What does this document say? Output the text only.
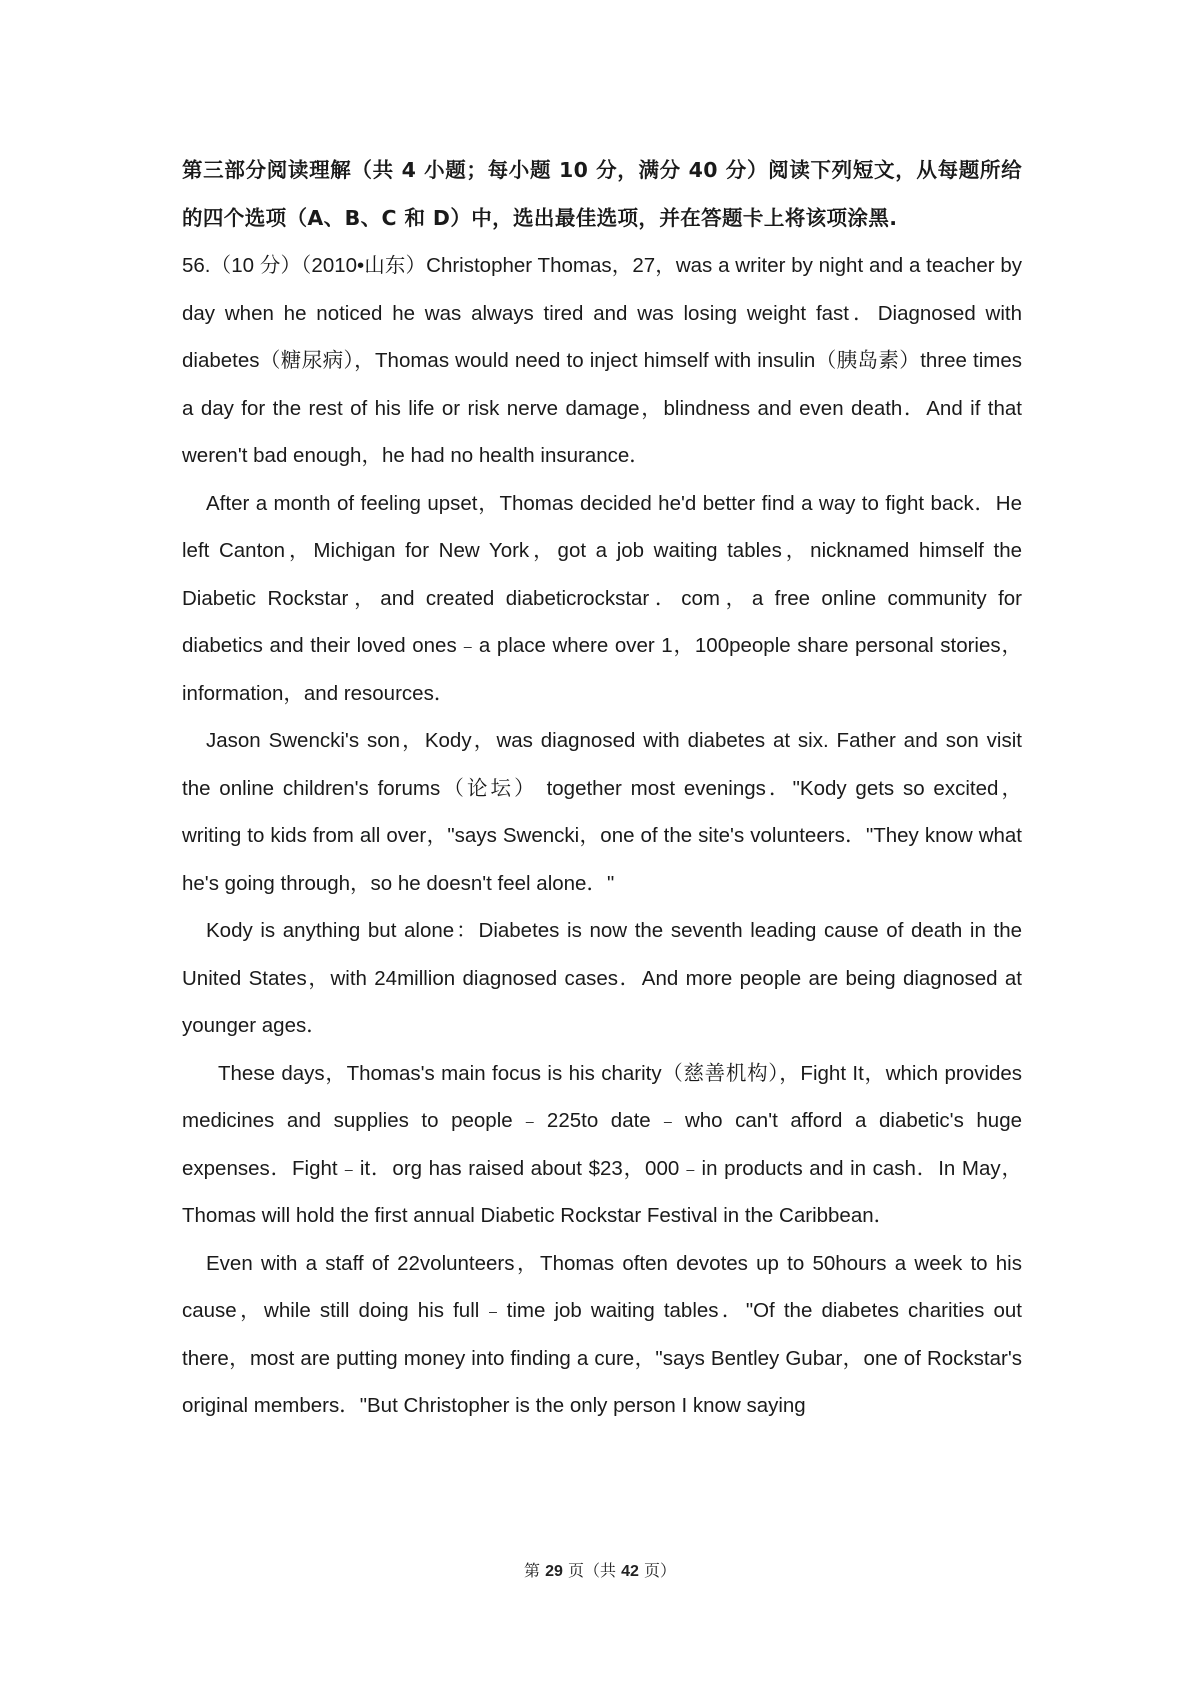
第三部分阅读理解（共 4 小题；每小题 10 分，满分 40 分）阅读下列短文，从每题所给的四个选项（A、B、C 和 D）中，选出最佳选项，并在答题卡上将该项涂黑.

56.（10 分）（2010•山东）Christopher Thomas，27，was a writer by night and a teacher by day when he noticed he was always tired and was losing weight fast．Diagnosed with diabetes（糖尿病），Thomas would need to inject himself with insulin（胰岛素）three times a day for the rest of his life or risk nerve damage，blindness and even death．And if that weren't bad enough，he had no health insurance．

After a month of feeling upset，Thomas decided he'd better find a way to fight back．He left Canton，Michigan for New York，got a job waiting tables，nicknamed himself the Diabetic Rockstar，and created diabeticrockstar．com，a free online community for diabetics and their loved ones﹣a place where over 1，100people share personal stories，information，and resources．

Jason Swencki's son，Kody，was diagnosed with diabetes at six. Father and son visit the online children's forums（论坛） together most evenings．"Kody gets so excited，writing to kids from all over，"says Swencki，one of the site's volunteers．"They know what he's going through，so he doesn't feel alone．"

Kody is anything but alone：Diabetes is now the seventh leading cause of death in the United States，with 24million diagnosed cases．And more people are being diagnosed at younger ages．

These days，Thomas's main focus is his charity（慈善机构），Fight It，which provides medicines and supplies to people﹣225to date﹣who can't afford a diabetic's huge expenses．Fight﹣it．org has raised about $23，000﹣in products and in cash．In May，Thomas will hold the first annual Diabetic Rockstar Festival in the Caribbean．

Even with a staff of 22volunteers，Thomas often devotes up to 50hours a week to his cause，while still doing his full﹣time job waiting tables．"Of the diabetes charities out there，most are putting money into finding a cure，"says Bentley Gubar，one of Rockstar's original members．"But Christopher is the only person I know saying

第 29 页（共 42 页）
